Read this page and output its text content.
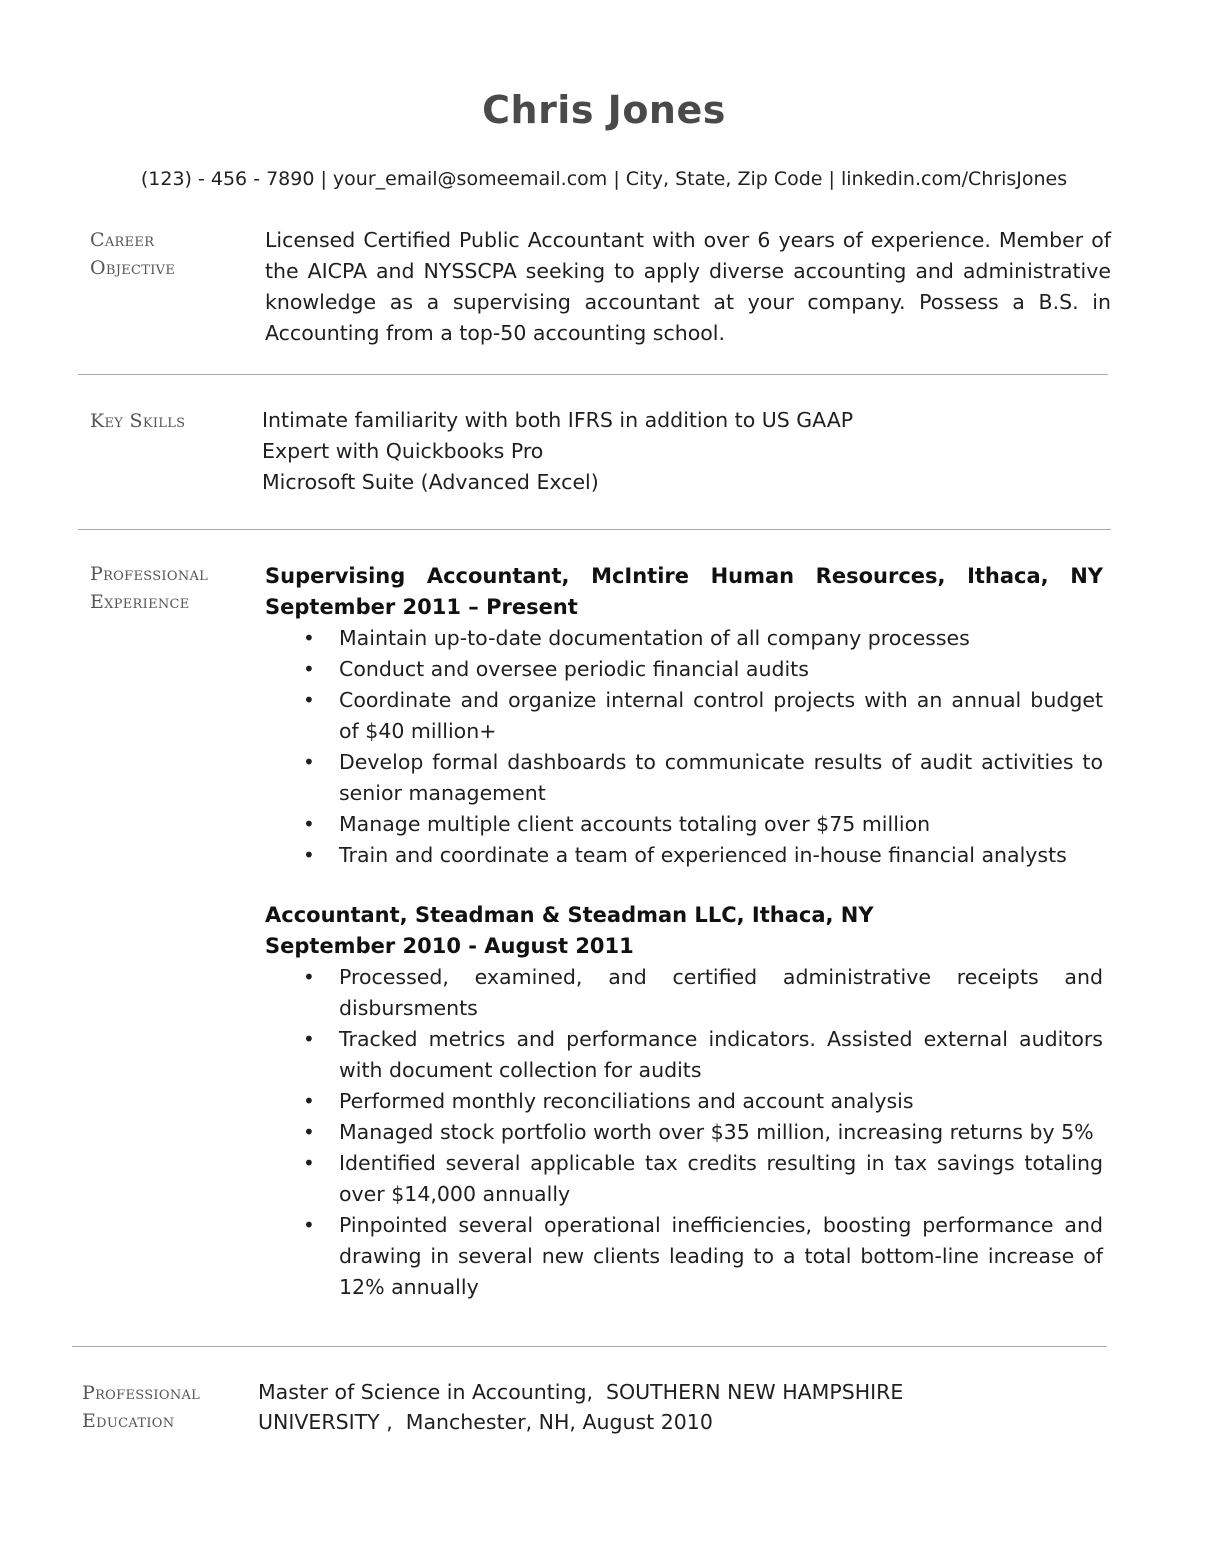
Chris Jones
(123) - 456 - 7890 | your_email@someemail.com | City, State, Zip Code | linkedin.com/ChrisJones
Career
Objective
Licensed Certified Public Accountant with over 6 years of experience. Member of the AICPA and NYSSCPA seeking to apply diverse accounting and administrative knowledge as a supervising accountant at your company. Possess a B.S. in Accounting from a top-50 accounting school.
Key Skills	Intimate familiarity with both IFRS in addition to US GAAP
Expert with Quickbooks Pro
Microsoft Suite (Advanced Excel)
Professional
Experience
Supervising Accountant, McIntire Human Resources, Ithaca, NY
September 2011 – Present
• Maintain up-to-date documentation of all company processes
• Conduct and oversee periodic financial audits
• Coordinate and organize internal control projects with an annual budget of $40 million+
• Develop formal dashboards to communicate results of audit activities to senior management
• Manage multiple client accounts totaling over $75 million
• Train and coordinate a team of experienced in-house financial analysts
Accountant, Steadman & Steadman LLC, Ithaca, NY
September 2010 - August 2011
• Processed, examined, and certified administrative receipts and disbursments
• Tracked metrics and performance indicators. Assisted external auditors with document collection for audits
• Performed monthly reconciliations and account analysis
• Managed stock portfolio worth over $35 million, increasing returns by 5%
• Identified several applicable tax credits resulting in tax savings totaling over $14,000 annually
• Pinpointed several operational inefficiencies, boosting performance and drawing in several new clients leading to a total bottom-line increase of 12% annually
Professional
Education
Master of Science in Accounting,  SOUTHERN NEW HAMPSHIRE
UNIVERSITY ,  Manchester, NH, August 2010
